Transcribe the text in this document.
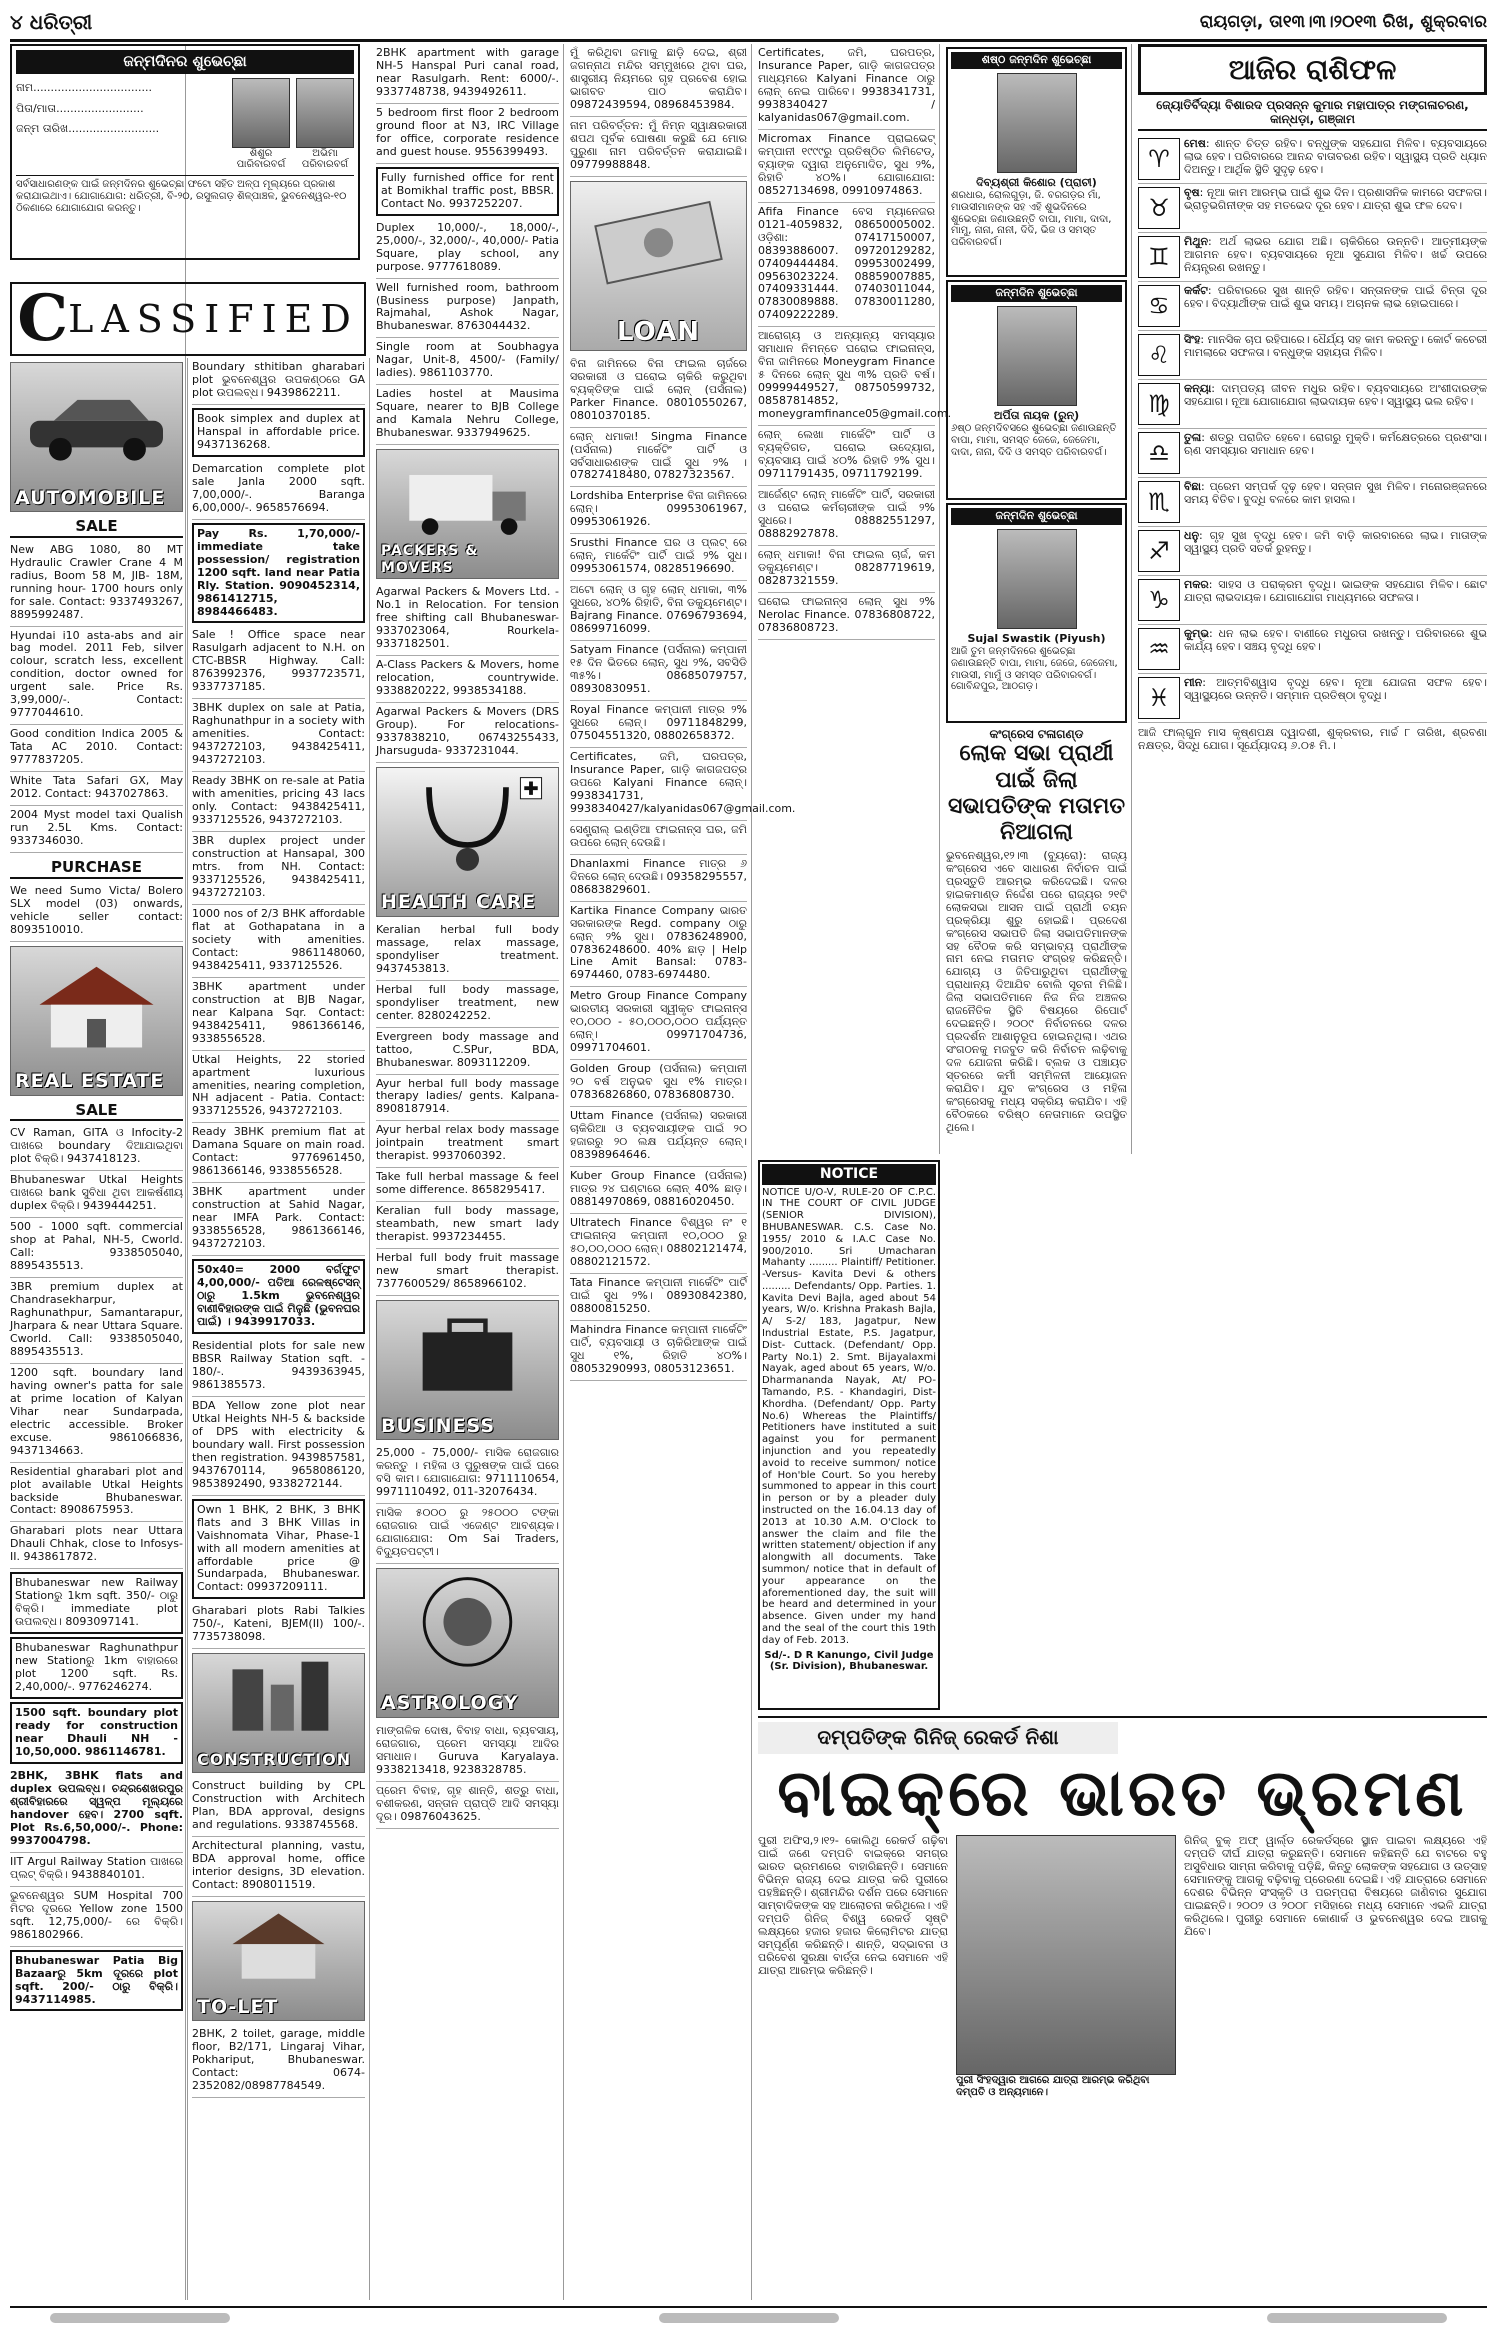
୪ ଧରିତ୍ରୀ	ରାୟଗଡ଼ା, ତା୧୩।୩।୨୦୧୩ ରିଖ, ଶୁକ୍ରବାର
ଜନ୍ମଦିନର ଶୁଭେଚ୍ଛା
ନାମ..................................
ପିତା/ମାତା.........................
ଜନ୍ମ ତାରିଖ..........................
ଶିଶୁର
ପାରିବାରବର୍ଗ
ଅଭିମା
ପରିବାରବର୍ଗ
ସର୍ବସାଧାରଣଙ୍କ ପାଇଁ ଜନ୍ମଦିନର ଶୁଭେଚ୍ଛା ଫଟୋ ସହିତ ଅଳ୍ପ ମୂଲ୍ୟରେ ପ୍ରକାଶ କରାଯାଇଥାଏ। ଯୋଗାଯୋଗ: ଧରିତ୍ରୀ, ବି-୨୦, ରସୁଲଗଡ଼ ଶିଳ୍ପାଞ୍ଚଳ, ଭୁବନେଶ୍ୱର-୧୦ ଠିକଣାରେ ଯୋଗାଯୋଗ କରନ୍ତୁ।
C LASSIFIED
AUTOMOBILE
SALE
New ABG 1080, 80 MT Hydraulic Crawler Crane 4 M radius, Boom 58 M, JIB- 18M, running hour- 1700 hours only for sale. Contact: 9337493267, 8895992487.
Hyundai i10 asta-abs and air bag model. 2011 Feb, silver colour, scratch less, excellent condition, doctor owned for urgent sale. Price Rs. 3,99,000/-. Contact: 9777044610.
Good condition Indica 2005 & Tata AC 2010. Contact: 9777837205.
White Tata Safari GX, May 2012. Contact: 9437027863.
2004 Myst model taxi Qualish run 2.5L Kms. Contact: 9337346030.
PURCHASE
We need Sumo Victa/ Bolero SLX model (03) onwards, vehicle seller contact: 8093510010.
REAL ESTATE
SALE
CV Raman, GITA ଓ Infocity-2 ପାଖରେ boundary ଦିଆଯାଇଥିବା plot ବିକ୍ରି। 9437418123.
Bhubaneswar Utkal Heights ପାଖରେ bank ସୁବିଧା ଥିବା ଆକର୍ଷଣୀୟ duplex ବିକ୍ରି। 9439444251.
500 - 1000 sqft. commercial shop at Pahal, NH-5, Cworld. Call: 9338505040, 8895435513.
3BR premium duplex at Chandrasekharpur, Raghunathpur, Samantarapur, Jharpara & near Uttara Square. Cworld. Call: 9338505040, 8895435513.
1200 sqft. boundary land having owner's patta for sale at prime location of Kalyan Vihar near Sundarpada, electric accessible. Broker excuse. 9861066836, 9437134663.
Residential gharabari plot and plot available Utkal Heights backside Bhubaneswar. Contact: 8908675953.
Gharabari plots near Uttara Dhauli Chhak, close to Infosys-II. 9438617872.
Bhubaneswar new Railway Stationରୁ 1km sqft. 350/- ଠାରୁ ବିକ୍ରି। immediate plot ଉପଲବ୍ଧ। 8093097141.
Bhubaneswar Raghunathpur new Stationରୁ 1km ବାହାରରେ plot 1200 sqft. Rs. 2,40,000/-. 9776246274.
1500 sqft. boundary plot ready for construction near Dhauli NH - 10,50,000. 9861146781.
2BHK, 3BHK flats and duplex ଉପଲବ୍ଧ। ଚନ୍ଦ୍ରଶେଖରପୁର ଶ୍ରୀବିହାରରେ ସ୍ୱଳ୍ପ ମୂଲ୍ୟରେ handover ହେବ। 2700 sqft. Plot Rs.6,50,000/-. Phone: 9937004798.
IIT Argul Railway Station ପାଖରେ ପ୍ଲଟ୍ ବିକ୍ରି। 9438840101.
ଭୁବନେଶ୍ୱର SUM Hospital 700 ମିଟର ଦୂରରେ Yellow zone 1500 sqft. 12,75,000/- ରେ ବିକ୍ରି। 9861802966.
Bhubaneswar Patia Big Bazaarରୁ 5km ଦୂରରେ plot sqft. 200/- ଠାରୁ ବିକ୍ରି। 9437114985.
Boundary sthitiban gharabari plot ଭୁବନେଶ୍ୱର ଉପକଣ୍ଠରେ GA plot ଉପଲବ୍ଧ। 9439862211.
Book simplex and duplex at Hanspal in affordable price. 9437136268.
Demarcation complete plot sale Janla 2000 sqft. 7,00,000/-. Baranga 6,00,000/-. 9658576694.
Pay Rs. 1,70,000/- immediate take possession/ registration 1200 sqft. land near Patia Rly. Station. 9090452314, 9861412715, 8984466483.
Sale ! Office space near Rasulgarh adjacent to N.H. on CTC-BBSR Highway. Call: 8763992376, 9937723571, 9337737185.
3BHK duplex on sale at Patia, Raghunathpur in a society with amenities. Contact: 9437272103, 9438425411, 9437272103.
Ready 3BHK on re-sale at Patia with amenities, pricing 43 lacs only. Contact: 9438425411, 9337125526, 9437272103.
3BR duplex project under construction at Hansapal, 300 mtrs. from NH. Contact: 9337125526, 9438425411, 9437272103.
1000 nos of 2/3 BHK affordable flat at Gothapatana in a society with amenities. Contact: 9861148060, 9438425411, 9337125526.
3BHK apartment under construction at BJB Nagar, near Kalpana Sqr. Contact: 9438425411, 9861366146, 9338556528.
Utkal Heights, 22 storied apartment luxurious amenities, nearing completion, NH adjacent - Patia. Contact: 9337125526, 9437272103.
Ready 3BHK premium flat at Damana Square on main road. Contact: 9776961450, 9861366146, 9338556528.
3BHK apartment under construction at Sahid Nagar, near IMFA Park. Contact: 9338556528, 9861366146, 9437272103.
50x40= 2000 ବର୍ଗଫୁଟ 4,00,000/- ପତିଆ ରେଳଷ୍ଟେସନ୍ ଠାରୁ 1.5km ଭୁବନେଶ୍ୱର ବାଣୀବିହାରଙ୍କ ପାଇଁ ମିଳୁଛି (ଭୁବନଘର ପାଇଁ) । 9439917033.
Residential plots for sale new BBSR Railway Station sqft. - 180/-. 9439363945, 9861385573.
BDA Yellow zone plot near Utkal Heights NH-5 & backside of DPS with electricity & boundary wall. First possession then registration. 9439857581, 9437670114, 9658086120, 9853892490, 9338272144.
Own 1 BHK, 2 BHK, 3 BHK flats and 3 BHK Villas in Vaishnomata Vihar, Phase-1 with all modern amenities at affordable price @ Sundarpada, Bhubaneswar. Contact: 09937209111.
Gharabari plots Rabi Talkies 750/-, Kateni, BJEM(II) 100/-. 7735738098.
CONSTRUCTION
Construct building by CPL Construction with Architech Plan, BDA approval, designs and regulations. 9338745568.
Architectural planning, vastu, BDA approval home, office interior designs, 3D elevation. Contact: 8908011519.
TO-LET
2BHK, 2 toilet, garage, middle floor, B2/171, Lingaraj Vihar, Pokhariput, Bhubaneswar. Contact: 0674-2352082/08987784549.
2BHK apartment with garage NH-5 Hanspal Puri canal road, near Rasulgarh. Rent: 6000/-. 9337748738, 9439492611.
5 bedroom first floor 2 bedroom ground floor at N3, IRC Village for office, corporate residence and guest house. 9556399493.
Fully furnished office for rent at Bomikhal traffic post, BBSR. Contact No. 9937252207.
Duplex 10,000/-, 18,000/-, 25,000/-, 32,000/-, 40,000/- Patia Square, play school, any purpose. 9777618089.
Well furnished room, bathroom (Business purpose) Janpath, Rajmahal, Ashok Nagar, Bhubaneswar. 8763044432.
Single room at Soubhagya Nagar, Unit-8, 4500/- (Family/ ladies). 9861103770.
Ladies hostel at Mausima Square, nearer to BJB College and Kamala Nehru College, Bhubaneswar. 9337949625.
PACKERS & MOVERS
Agarwal Packers & Movers Ltd. - No.1 in Relocation. For tension free shifting call Bhubaneswar- 9337023064, Rourkela- 9337182501.
A-Class Packers & Movers, home relocation, countrywide. 9338820222, 9938534188.
Agarwal Packers & Movers (DRS Group). For relocations- 9337838210, 06743255433, Jharsuguda- 9337231044.
HEALTH CARE
Keralian herbal full body massage, relax massage, spondyliser treatment. 9437453813.
Herbal full body massage, spondyliser treatment, new center. 8280242252.
Evergreen body massage and tattoo, C.SPur, BDA, Bhubaneswar. 8093112209.
Ayur herbal full body massage therapy ladies/ gents. Kalpana- 8908187914.
Ayur herbal relax body massage jointpain treatment smart therapist. 9937060392.
Take full herbal massage & feel some difference. 8658295417.
Keralian full body massage, steambath, new smart lady therapist. 9937234455.
Herbal full body fruit massage new smart therapist. 7377600529/ 8658966102.
BUSINESS
25,000 - 75,000/- ମାସିକ ରୋଜଗାର କରନ୍ତୁ । ମହିଳା ଓ ପୁରୁଷଙ୍କ ପାଇଁ ଘରେ ବସି କାମ। ଯୋଗାଯୋଗ: 9711110654, 9971110492, 011-32076434.
ମାସିକ ୫୦୦୦ ରୁ ୨୫୦୦୦ ଟଙ୍କା ରୋଜଗାର ପାଇଁ ଏଜେଣ୍ଟ ଆବଶ୍ୟକ। ଯୋଗାଯୋଗ: Om Sai Traders, ବିଦ୍ୟୁତପଟ୍ଟୀ।
ASTROLOGY
ମାଙ୍ଗଳିକ ଦୋଷ, ବିବାହ ବାଧା, ବ୍ୟବସାୟ, ରୋଜଗାର, ପ୍ରେମ ସମସ୍ୟା ଆଦିର ସମାଧାନ। Guruva Karyalaya. 9338213418, 9238328785.
ପ୍ରେମ ବିବାହ, ଗୃହ ଶାନ୍ତି, ଶତ୍ରୁ ବାଧା, ବଶୀକରଣ, ସନ୍ତାନ ପ୍ରାପ୍ତି ଆଦି ସମସ୍ୟା ଦୂର। 09876043625.
ମୁଁ କରିଥିବା ଜମାକୁ ଛାଡ଼ି ଦେଇ, ଶ୍ରୀ ଜଗନ୍ନାଥ ମନ୍ଦିର ସମ୍ମୁଖରେ ଥିବା ଘର, ଶାସ୍ତ୍ରୀୟ ନିୟମରେ ଗୃହ ପ୍ରବେଶ ହୋଇ ଭାଗବତ ପାଠ କରାଯିବ। 09872439594, 08968453984.
ନାମ ପରିବର୍ତ୍ତନ: ମୁଁ ନିମ୍ନ ସ୍ୱାକ୍ଷରକାରୀ ଶପଥ ପୂର୍ବକ ଘୋଷଣା କରୁଛି ଯେ ମୋର ପୁରୁଣା ନାମ ପରିବର୍ତ୍ତନ କରାଯାଇଛି। 09779988848.
LOAN
ବିନା ଜାମିନରେ ବିନା ଫାଇଲ ଚାର୍ଜରେ ସରକାରୀ ଓ ଘରୋଇ ଚାକିରି କରୁଥିବା ବ୍ୟକ୍ତିଙ୍କ ପାଇଁ ଲୋନ୍ (ପର୍ସନାଲ) Parker Finance. 08010550267, 08010370185.
ଲୋନ୍ ଧମାକା! Singma Finance (ପର୍ସନାଲ) ମାର୍କେଟିଂ ପାର୍ଟି ଓ ସର୍ବସାଧାରଣଙ୍କ ପାଇଁ ସୁଧ ୨% । 07827418480, 07827323567.
Lordshiba Enterprise ବିନା ଜାମିନରେ ଲୋନ୍। 09953061967, 09953061926.
Srusthi Finance ଘର ଓ ପ୍ଲଟ୍ ରେ ଲୋନ୍, ମାର୍କେଟିଂ ପାର୍ଟି ପାଇଁ ୨% ସୁଧ। 09953061574, 08285196690.
ଅଟୋ ଲୋନ୍ ଓ ଗୃହ ଲୋନ୍ ଧମାକା, ୩% ସୁଧରେ, ୪୦% ରିହାତି, ବିନା ଡକ୍ୟୁମେଣ୍ଟ। Bajrang Finance. 07696793694, 08699716099.
Satyam Finance (ପର୍ସନାଲ) କମ୍ପାନୀ ୧୫ ଦିନ ଭିତରେ ଲୋନ୍, ସୁଧ ୨%, ସବସିଡି ୩୫%। 08685079757, 08930830951.
Royal Finance କମ୍ପାନୀ ମାତ୍ର ୨% ସୁଧରେ ଲୋନ୍। 09711848299, 07504551320, 08802658372.
Certificates, ଜମି, ଘରପତ୍ର, Insurance Paper, ଗାଡ଼ି କାଗଜପତ୍ର ଉପରେ Kalyani Finance ଲୋନ୍। 9938341731, 9938340427/kalyanidas067@gmail.com.
ସେଣ୍ଟ୍ରାଲ୍ ଇଣ୍ଡିଆ ଫାଇନାନ୍ସ ଘର, ଜମି ଉପରେ ଲୋନ୍ ଦେଉଛି।
Dhanlaxmi Finance ମାତ୍ର ୬ ଦିନରେ ଲୋନ୍ ଦେଉଛି। 09358295557, 08683829601.
Kartika Finance Company ଭାରତ ସରକାରଙ୍କ Regd. company ଠାରୁ ଲୋନ୍ ୨% ସୁଧ। 07836248900, 07836248600. 40% ଛାଡ଼ | Help Line Amit Bansal: 0783-6974460, 0783-6974480.
Metro Group Finance Company ଭାରତୀୟ ସରକାରୀ ସ୍ୱୀକୃତ ଫାଇନାନ୍ସ ୧୦,୦୦୦ - ୫୦,୦୦୦,୦୦୦ ପର୍ଯ୍ୟନ୍ତ ଲୋନ୍। 09971704736, 09971704601.
Golden Group (ପର୍ସନାଲ) କମ୍ପାନୀ ୨୦ ବର୍ଷ ଅନୁଭବ ସୁଧ ୧% ମାତ୍ର। 07836826860, 07836808730.
Uttam Finance (ପର୍ସନାଲ) ସରକାରୀ ଚାକିରିଆ ଓ ବ୍ୟବସାୟୀଙ୍କ ପାଇଁ ୨୦ ହଜାରରୁ ୨୦ ଲକ୍ଷ ପର୍ଯ୍ୟନ୍ତ ଲୋନ୍। 08398964646.
Kuber Group Finance (ପର୍ସନାଲ) ମାତ୍ର ୨୪ ଘଣ୍ଟାରେ ଲୋନ୍ 40% ଛାଡ଼। 08814970869, 08816020450.
Ultratech Finance ବିଶ୍ୱର ନଂ ୧ ଫାଇନାନ୍ସ କମ୍ପାନୀ ୧୦,୦୦୦ ରୁ ୫୦,୦୦,୦୦୦ ଲୋନ୍। 08802121474, 08802121572.
Tata Finance କମ୍ପାନୀ ମାର୍କେଟିଂ ପାର୍ଟି ପାଇଁ ସୁଧ ୨%। 08930842380, 08800815250.
Mahindra Finance କମ୍ପାନୀ ମାର୍କେଟିଂ ପାର୍ଟି, ବ୍ୟବସାୟୀ ଓ ଚାକିରିଆଙ୍କ ପାଇଁ ସୁଧ ୧%, ରିହାତି ୪୦%। 08053290993, 08053123651.
Certificates, ଜମି, ଘରପତ୍ର, Insurance Paper, ଗାଡ଼ି କାଗଜପତ୍ର ମାଧ୍ୟମରେ Kalyani Finance ଠାରୁ ଲୋନ୍ ନେଇ ପାରିବେ। 9938341731, 9938340427 / kalyanidas067@gmail.com.
Micromax Finance ପ୍ରାଇଭେଟ୍ କମ୍ପାନୀ ୧୯୯୯ରୁ ପ୍ରତିଷ୍ଠିତ ଲିମିଟେଡ୍, ବ୍ୟାଙ୍କ ଦ୍ୱାରା ଅନୁମୋଦିତ, ସୁଧ ୨%, ରିହାତି ୪୦%। ଯୋଗାଯୋଗ: 08527134698, 09910974863.
Afifa Finance ବେସ ମ୍ୟାନେଜର 0121-4059832, 08650005002. ଓଡ଼ିଶା: 07417150007, 08393886007. 09720129282, 07409444484. 09953002499, 09563023224. 08859007885, 07409331444. 07403011044, 07830089888. 07830011280, 07409222289.
ଆରୋଗ୍ୟ ଓ ଅନ୍ୟାନ୍ୟ ସମସ୍ୟାର ସମାଧାନ ନିମନ୍ତେ ଘରୋଇ ଫାଇନାନ୍ସ, ବିନା ଜାମିନରେ Moneygram Finance ୫ ଦିନରେ ଲୋନ୍ ସୁଧ ୩% ପ୍ରତି ବର୍ଷ। 09999449527, 08750599732, 08587814852, moneygramfinance05@gmail.com.
ଲୋନ୍ ଲେଖା ମାର୍କେଟିଂ ପାର୍ଟି ଓ ବ୍ୟକ୍ତିଗତ, ଘରୋଇ ଉଦ୍ୟୋଗ, ବ୍ୟବସାୟ ପାଇଁ ୪୦% ରିହାତି ୨% ସୁଧ। 09711791435, 09711792199.
ଆର୍ଜେଣ୍ଟ ଲୋନ୍ ମାର୍କେଟିଂ ପାର୍ଟି, ସରକାରୀ ଓ ଘରୋଇ କର୍ମଚାରୀଙ୍କ ପାଇଁ ୨% ସୁଧରେ। 08882551297, 08882927878.
ଲୋନ୍ ଧମାକା! ବିନା ଫାଇଲ ଚାର୍ଜ, କମ ଡକ୍ୟୁମେଣ୍ଟ। 08287719619, 08287321559.
ଘରୋଇ ଫାଇନାନ୍ସ ଲୋନ୍ ସୁଧ ୨% Nerolac Finance. 07836808722, 07836808723.
NOTICE
NOTICE U/O-V, RULE-20 OF C.P.C. IN THE COURT OF CIVIL JUDGE (SENIOR DIVISION), BHUBANESWAR. C.S. Case No. 1955/ 2010 & I.A.C Case No. 900/2010. Sri Umacharan Mahanty ......... Plaintiff/ Petitioner. -Versus- Kavita Devi & others ......... Defendants/ Opp. Parties. 1. Kavita Devi Bajla, aged about 54 years, W/o. Krishna Prakash Bajla, A/ S-2/ 183, Jagatpur, New Industrial Estate, P.S. Jagatpur, Dist- Cuttack. (Defendant/ Opp. Party No.1) 2. Smt. Bijayalaxmi Nayak, aged about 65 years, W/o. Dharmananda Nayak, At/ PO- Tamando, P.S. - Khandagiri, Dist- Khordha. (Defendant/ Opp. Party No.6) Whereas the Plaintiffs/ Petitioners have instituted a suit against you for permanent injunction and you repeatedly avoid to receive summon/ notice of Hon'ble Court. So you hereby summoned to appear in this court in person or by a pleader duly instructed on the 16.04.13 day of 2013 at 10.30 A.M. O'Clock to answer the claim and file the written statement/ objection if any alongwith all documents. Take summon/ notice that in default of your appearance on the aforementioned day, the suit will be heard and determined in your absence. Given under my hand and the seal of the court this 19th day of Feb. 2013.
Sd/-. D R Kanungo, Civil Judge (Sr. Division), Bhubaneswar.
ଶଷ୍ଠ ଜନ୍ମଦିନ ଶୁଭେଚ୍ଛା
ଦିବ୍ୟଶ୍ରୀ କିଶୋର (ପ୍ରାଚୀ)
ଶରଧାର, ରୋଲଗୁଡ଼ା, ଜି. ବରଗଡ଼ର ମାଁ, ମାଉସୀମାନଙ୍କ ସହ ଏହି ଶୁଭଦିନରେ ଶୁଭେଚ୍ଛା ଜଣାଉଛନ୍ତି ବାପା, ମାମା, ଦାଦା, ମାମୁ, ନାନା, ନାନୀ, ଦିଦି, ଭିଜ ଓ ସମସ୍ତ ପରିବାରବର୍ଗ।
ଜନ୍ମଦିନ ଶୁଭେଚ୍ଛା
ଅର୍ପିତା ନାୟକ (ରୁନ୍)
୬ଷ୍ଠ ଜନ୍ମଦିବସରେ ଶୁଭେଚ୍ଛା ଜଣାଉଛନ୍ତି ବାପା, ମାମା, ସମସ୍ତ ଜେଜେ, ଜେଜେମା, ଦାଦା, ନାନା, ଦିଦି ଓ ସମସ୍ତ ପରିବାରବର୍ଗ।
ଜନ୍ମଦିନ ଶୁଭେଚ୍ଛା
Sujal Swastik (Piyush)
ଆଜି ତୁମ ଜନ୍ମଦିନରେ ଶୁଭେଚ୍ଛା ଜଣାଉଛନ୍ତି ବାପା, ମାମା, ଜେଜେ, ଜେଜେମା, ମାଉସୀ, ମାମୁଁ ଓ ସମସ୍ତ ପରିବାରବର୍ଗ। ଗୋବିନ୍ଦପୁର, ଆଠଗଡ଼।
କଂଗ୍ରେସ ଟଳାଗଣ୍ଡ
ଲୋକ ସଭା ପ୍ରାର୍ଥୀ ପାଇଁ ଜିଲା ସଭାପତିଙ୍କ ମତାମତ ନିଆଗଲା
ଭୁବନେଶ୍ୱର,୧୨।୩ (ବ୍ୟୁରୋ): ରାଜ୍ୟ କଂଗ୍ରେସ ଏବେ ସାଧାରଣ ନିର୍ବାଚନ ପାଇଁ ପ୍ରସ୍ତୁତି ଆରମ୍ଭ କରିଦେଇଛି। ଦଳର ହାଇକମାଣ୍ଡ ନିର୍ଦ୍ଦେଶ ପରେ ରାଜ୍ୟର ୨୧ଟି ଲୋକସଭା ଆସନ ପାଇଁ ପ୍ରାର୍ଥୀ ଚୟନ ପ୍ରକ୍ରିୟା ଶୁରୁ ହୋଇଛି। ପ୍ରଦେଶ କଂଗ୍ରେସ ସଭାପତି ଜିଲା ସଭାପତିମାନଙ୍କ ସହ ବୈଠକ କରି ସମ୍ଭାବ୍ୟ ପ୍ରାର୍ଥୀଙ୍କ ନାମ ନେଇ ମତାମତ ସଂଗ୍ରହ କରିଛନ୍ତି। ଯୋଗ୍ୟ ଓ ଜିତିପାରୁଥିବା ପ୍ରାର୍ଥୀଙ୍କୁ ପ୍ରାଧାନ୍ୟ ଦିଆଯିବ ବୋଲି ସୂଚନା ମିଳିଛି। ଜିଲା ସଭାପତିମାନେ ନିଜ ନିଜ ଅଞ୍ଚଳର ରାଜନୈତିକ ସ୍ଥିତି ବିଷୟରେ ରିପୋର୍ଟ ଦେଇଛନ୍ତି। ୨୦୦୯ ନିର୍ବାଚନରେ ଦଳର ପ୍ରଦର୍ଶନ ଆଶାନୁରୂପ ହୋଇନଥିଲା। ଏଥର ସଂଗଠନକୁ ମଜବୁତ କରି ନିର୍ବାଚନ ଲଢ଼ିବାକୁ ଦଳ ଯୋଜନା କରିଛି। ବ୍ଲକ ଓ ପଞ୍ଚାୟତ ସ୍ତରରେ କର୍ମୀ ସମ୍ମିଳନୀ ଆୟୋଜନ କରାଯିବ। ଯୁବ କଂଗ୍ରେସ ଓ ମହିଳା କଂଗ୍ରେସକୁ ମଧ୍ୟ ସକ୍ରିୟ କରାଯିବ। ଏହି ବୈଠକରେ ବରିଷ୍ଠ ନେତାମାନେ ଉପସ୍ଥିତ ଥିଲେ।
ଆଜିର ରାଶିଫଳ
ଜ୍ୟୋତିର୍ବିଦ୍ୟା ବିଶାରଦ ପ୍ରସନ୍ନ କୁମାର ମହାପାତ୍ର ମଙ୍ଗଳାଚରଣ, କାନ୍ଧଡ଼ା, ଗଞ୍ଜାମ
♈
ମେଷ: ଶାନ୍ତ ଚିତ୍ତ ରହିବ। ବନ୍ଧୁଙ୍କ ସହଯୋଗ ମିଳିବ। ବ୍ୟବସାୟରେ ଲାଭ ହେବ। ପରିବାରରେ ଆନନ୍ଦ ବାତାବରଣ ରହିବ। ସ୍ୱାସ୍ଥ୍ୟ ପ୍ରତି ଧ୍ୟାନ ଦିଅନ୍ତୁ। ଆର୍ଥିକ ସ୍ଥିତି ସୁଦୃଢ଼ ହେବ।
♉
ବୃଷ: ନୂଆ କାମ ଆରମ୍ଭ ପାଇଁ ଶୁଭ ଦିନ। ପ୍ରଶାସନିକ କାମରେ ସଫଳତା। ଭ୍ରାତୃଭଗିନୀଙ୍କ ସହ ମତଭେଦ ଦୂର ହେବ। ଯାତ୍ରା ଶୁଭ ଫଳ ଦେବ।
♊
ମିଥୁନ: ଅର୍ଥ ଲାଭର ଯୋଗ ଅଛି। ଚାକିରିରେ ଉନ୍ନତି। ଆତ୍ମୀୟଙ୍କ ଆଗମନ ହେବ। ବ୍ୟବସାୟରେ ନୂଆ ସୁଯୋଗ ମିଳିବ। ଖର୍ଚ୍ଚ ଉପରେ ନିୟନ୍ତ୍ରଣ ରଖନ୍ତୁ।
♋
କର୍କଟ: ପରିବାରରେ ସୁଖ ଶାନ୍ତି ରହିବ। ସନ୍ତାନଙ୍କ ପାଇଁ ଚିନ୍ତା ଦୂର ହେବ। ବିଦ୍ୟାର୍ଥୀଙ୍କ ପାଇଁ ଶୁଭ ସମୟ। ଅଚାନକ ଲାଭ ହୋଇପାରେ।
♌
ସିଂହ: ମାନସିକ ଚାପ ରହିପାରେ। ଧୈର୍ଯ୍ୟ ସହ କାମ କରନ୍ତୁ। କୋର୍ଟ କଚେରୀ ମାମଲାରେ ସଫଳତା। ବନ୍ଧୁଙ୍କ ସହାୟତା ମିଳିବ।
♍
କନ୍ୟା: ଦାମ୍ପତ୍ୟ ଜୀବନ ମଧୁର ରହିବ। ବ୍ୟବସାୟରେ ଅଂଶୀଦାରଙ୍କ ସହଯୋଗ। ନୂଆ ଯୋଗାଯୋଗ ଲାଭଦାୟକ ହେବ। ସ୍ୱାସ୍ଥ୍ୟ ଭଲ ରହିବ।
♎
ତୁଳା: ଶତ୍ରୁ ପରାଜିତ ହେବେ। ରୋଗରୁ ମୁକ୍ତି। କର୍ମକ୍ଷେତ୍ରରେ ପ୍ରଶଂସା। ଋଣ ସମସ୍ୟାର ସମାଧାନ ହେବ।
♏
ବିଛା: ପ୍ରେମ ସମ୍ପର୍କ ଦୃଢ଼ ହେବ। ସନ୍ତାନ ସୁଖ ମିଳିବ। ମନୋରଞ୍ଜନରେ ସମୟ ବିତିବ। ବୁଦ୍ଧି ବଳରେ କାମ ହାସଲ।
♐
ଧନୁ: ଗୃହ ସୁଖ ବୃଦ୍ଧି ହେବ। ଜମି ବାଡ଼ି କାରବାରରେ ଲାଭ। ମାତାଙ୍କ ସ୍ୱାସ୍ଥ୍ୟ ପ୍ରତି ସତର୍କ ରୁହନ୍ତୁ।
♑
ମକର: ସାହସ ଓ ପରାକ୍ରମ ବୃଦ୍ଧି। ଭାଇଙ୍କ ସହଯୋଗ ମିଳିବ। ଛୋଟ ଯାତ୍ରା ଲାଭଦାୟକ। ଯୋଗାଯୋଗ ମାଧ୍ୟମରେ ସଫଳତା।
♒
କୁମ୍ଭ: ଧନ ଲାଭ ହେବ। ବାଣୀରେ ମଧୁରତା ରଖନ୍ତୁ। ପରିବାରରେ ଶୁଭ କାର୍ଯ୍ୟ ହେବ। ସଞ୍ଚୟ ବୃଦ୍ଧି ହେବ।
♓
ମୀନ: ଆତ୍ମବିଶ୍ୱାସ ବୃଦ୍ଧି ହେବ। ନୂଆ ଯୋଜନା ସଫଳ ହେବ। ସ୍ୱାସ୍ଥ୍ୟରେ ଉନ୍ନତି। ସମ୍ମାନ ପ୍ରତିଷ୍ଠା ବୃଦ୍ଧି।
ଆଜି ଫାଲ୍ଗୁନ ମାସ କୃଷ୍ଣପକ୍ଷ ଦ୍ୱାଦଶୀ, ଶୁକ୍ରବାର, ମାର୍ଚ୍ଚ ୮ ତାରିଖ, ଶ୍ରବଣା ନକ୍ଷତ୍ର, ସିଦ୍ଧି ଯୋଗ। ସୂର୍ଯ୍ୟୋଦୟ ୬.୦୫ ମି.।
ଦମ୍ପତିଙ୍କ ଗିନିଜ୍ ରେକର୍ଡ ନିଶା
ବାଇକ୍‌ରେ ଭାରତ ଭ୍ରମଣ
ପୁରୀ ଅଫିସ,୨।୧୨- କୋଲିଥି ରେକର୍ଡ ଗଢ଼ିବା ପାଇଁ ଜଣେ ଦମ୍ପତି ବାଇକ୍‌ରେ ସମଗ୍ର ଭାରତ ଭ୍ରମଣରେ ବାହାରିଛନ୍ତି। ସେମାନେ ବିଭିନ୍ନ ରାଜ୍ୟ ଦେଇ ଯାତ୍ରା କରି ପୁରୀରେ ପହଞ୍ଚିଛନ୍ତି। ଶ୍ରୀମନ୍ଦିର ଦର୍ଶନ ପରେ ସେମାନେ ସାମ୍ବାଦିକଙ୍କ ସହ ଆଲୋଚନା କରିଥିଲେ। ଏହି ଦମ୍ପତି ଗିନିଜ୍ ବିଶ୍ୱ ରେକର୍ଡ ସୃଷ୍ଟି ଲକ୍ଷ୍ୟରେ ହଜାର ହଜାର କିଲୋମିଟର ଯାତ୍ରା ସମ୍ପୂର୍ଣ୍ଣ କରିଛନ୍ତି। ଶାନ୍ତି, ସଦ୍ଭାବନା ଓ ପରିବେଶ ସୁରକ୍ଷା ବାର୍ତ୍ତା ନେଇ ସେମାନେ ଏହି ଯାତ୍ରା ଆରମ୍ଭ କରିଛନ୍ତି।
ପୁରୀ ସିଂହଦ୍ୱାର ଆଗରେ ଯାତ୍ରା ଆରମ୍ଭ କରିଥିବା ଦମ୍ପତି ଓ ଅନ୍ୟମାନେ।
ଗିନିଜ୍ ବୁକ୍ ଅଫ୍ ୱାର୍ଲ୍ଡ ରେକର୍ଡସ୍‌ରେ ସ୍ଥାନ ପାଇବା ଲକ୍ଷ୍ୟରେ ଏହି ଦମ୍ପତି ଦୀର୍ଘ ଯାତ୍ରା କରୁଛନ୍ତି। ସେମାନେ କହିଛନ୍ତି ଯେ ବାଟରେ ବହୁ ଅସୁବିଧାର ସାମ୍ନା କରିବାକୁ ପଡ଼ିଛି, କିନ୍ତୁ ଲୋକଙ୍କ ସହଯୋଗ ଓ ଉତ୍ସାହ ସେମାନଙ୍କୁ ଆଗକୁ ବଢ଼ିବାକୁ ପ୍ରେରଣା ଦେଇଛି। ଏହି ଯାତ୍ରାରେ ସେମାନେ ଦେଶର ବିଭିନ୍ନ ସଂସ୍କୃତି ଓ ପରମ୍ପରା ବିଷୟରେ ଜାଣିବାର ସୁଯୋଗ ପାଇଛନ୍ତି। ୨୦୦୨ ଓ ୨୦୦୮ ମସିହାରେ ମଧ୍ୟ ସେମାନେ ଏଭଳି ଯାତ୍ରା କରିଥିଲେ। ପୁରୀରୁ ସେମାନେ କୋଣାର୍କ ଓ ଭୁବନେଶ୍ୱର ଦେଇ ଆଗକୁ ଯିବେ।
